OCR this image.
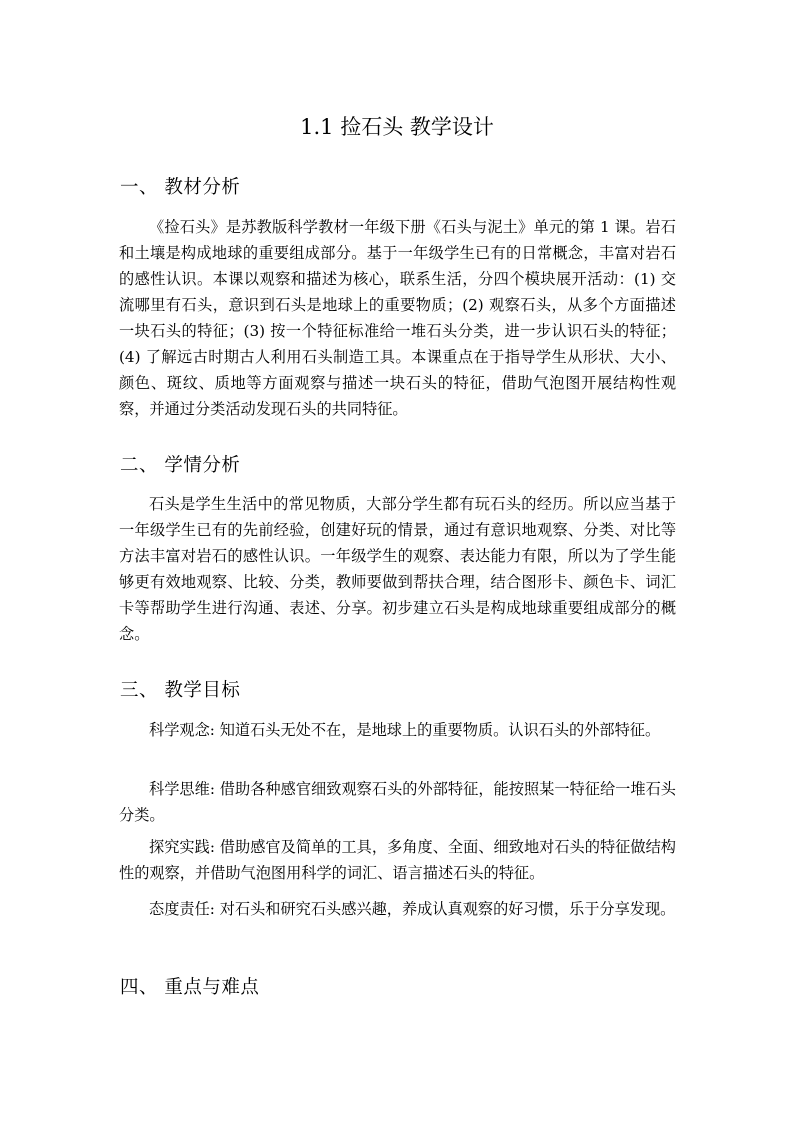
1.1 捡石头 教学设计
一、 教材分析

《捡石头》是苏教版科学教材一年级下册《石头与泥土》单元的第 1 课。岩石和土壤是构成地球的重要组成部分。基于一年级学生已有的日常概念，丰富对岩石的感性认识。本课以观察和描述为核心，联系生活，分四个模块展开活动：(1) 交流哪里有石头，意识到石头是地球上的重要物质；(2) 观察石头，从多个方面描述一块石头的特征；(3) 按一个特征标准给一堆石头分类，进一步认识石头的特征；(4) 了解远古时期古人利用石头制造工具。本课重点在于指导学生从形状、大小、颜色、斑纹、质地等方面观察与描述一块石头的特征，借助气泡图开展结构性观察，并通过分类活动发现石头的共同特征。

二、 学情分析

石头是学生生活中的常见物质，大部分学生都有玩石头的经历。所以应当基于一年级学生已有的先前经验，创建好玩的情景，通过有意识地观察、分类、对比等方法丰富对岩石的感性认识。一年级学生的观察、表达能力有限，所以为了学生能够更有效地观察、比较、分类，教师要做到帮扶合理，结合图形卡、颜色卡、词汇卡等帮助学生进行沟通、表述、分享。初步建立石头是构成地球重要组成部分的概念。

三、 教学目标

科学观念: 知道石头无处不在，是地球上的重要物质。认识石头的外部特征。

科学思维: 借助各种感官细致观察石头的外部特征，能按照某一特征给一堆石头分类。

探究实践: 借助感官及简单的工具，多角度、全面、细致地对石头的特征做结构性的观察，并借助气泡图用科学的词汇、语言描述石头的特征。

态度责任: 对石头和研究石头感兴趣，养成认真观察的好习惯，乐于分享发现。

四、 重点与难点
